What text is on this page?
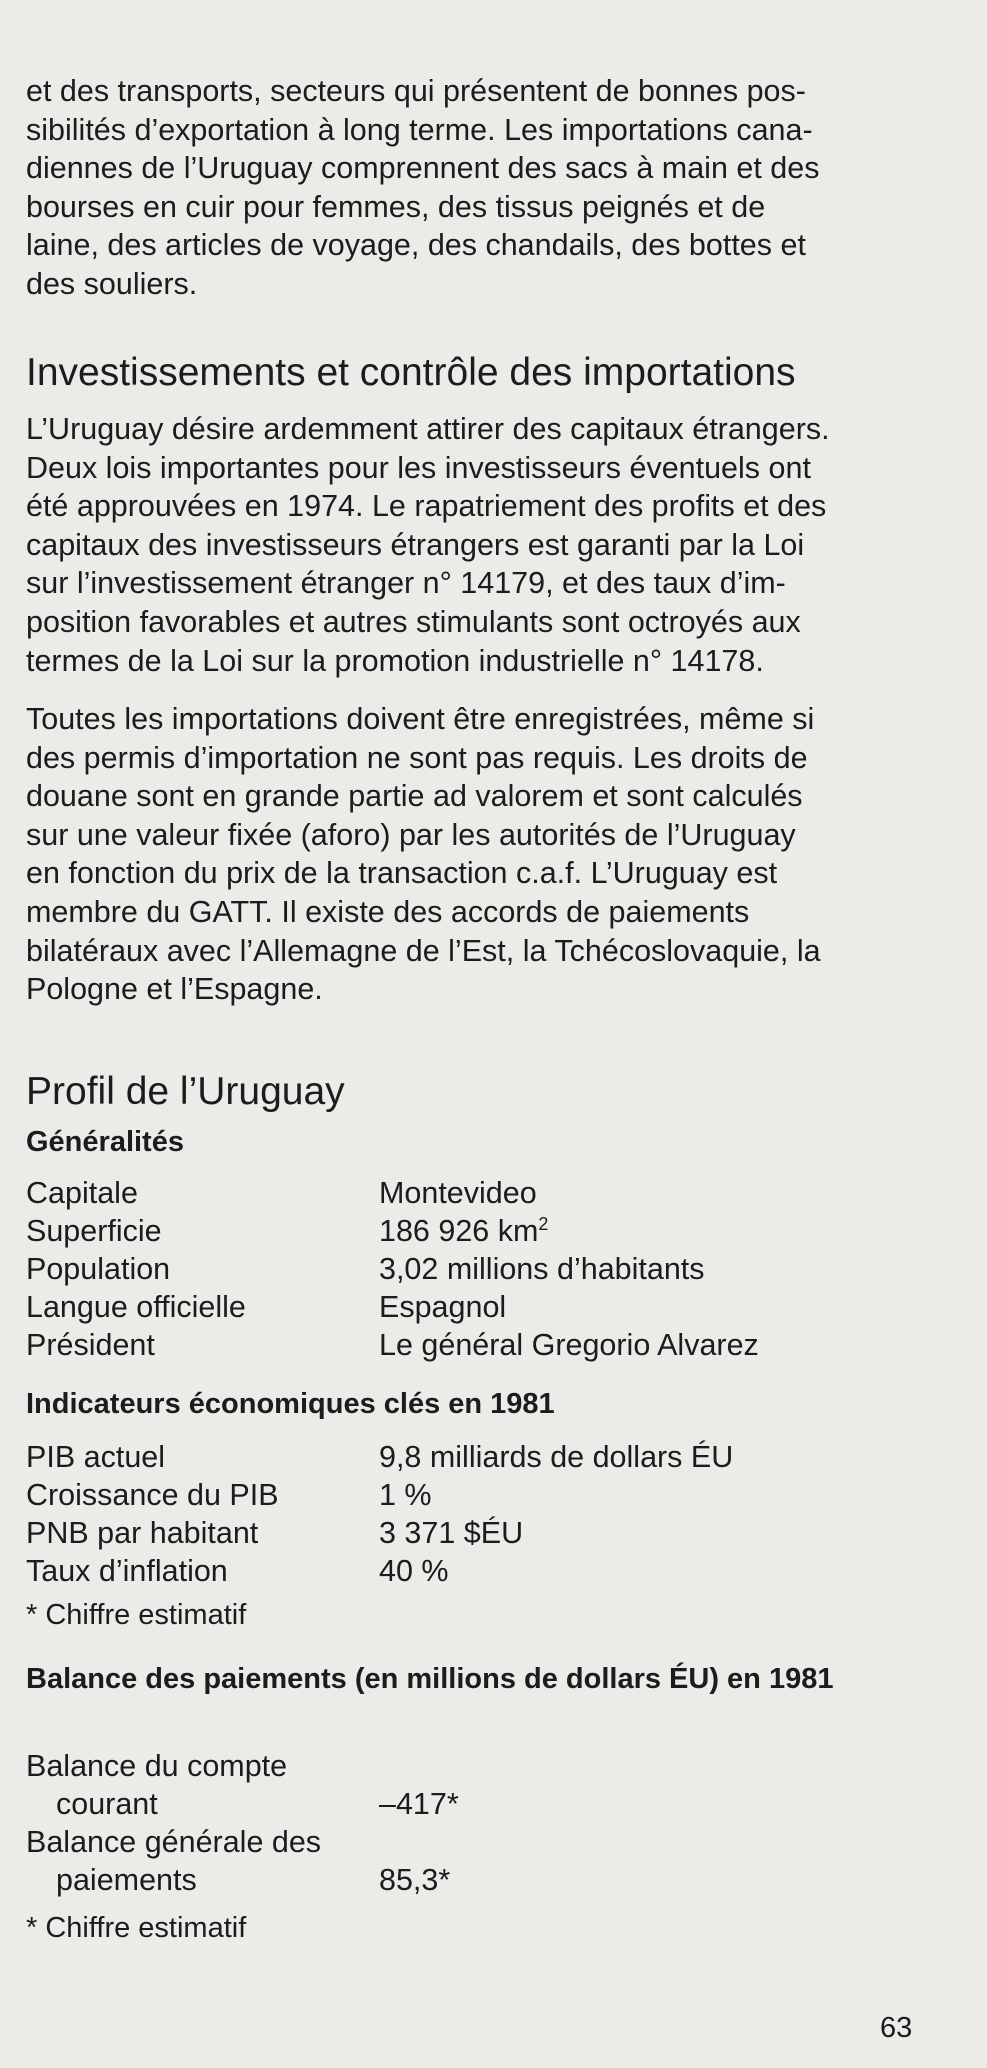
et des transports, secteurs qui présentent de bonnes pos-
sibilités d’exportation à long terme. Les importations cana-
diennes de l’Uruguay comprennent des sacs à main et des
bourses en cuir pour femmes, des tissus peignés et de
laine, des articles de voyage, des chandails, des bottes et
des souliers.

Investissements et contrôle des importations

L’Uruguay désire ardemment attirer des capitaux étrangers.
Deux lois importantes pour les investisseurs éventuels ont
été approuvées en 1974. Le rapatriement des profits et des
capitaux des investisseurs étrangers est garanti par la Loi
sur l’investissement étranger n° 14179, et des taux d’im-
position favorables et autres stimulants sont octroyés aux
termes de la Loi sur la promotion industrielle n° 14178.

Toutes les importations doivent être enregistrées, même si
des permis d’importation ne sont pas requis. Les droits de
douane sont en grande partie ad valorem et sont calculés
sur une valeur fixée (aforo) par les autorités de l’Uruguay
en fonction du prix de la transaction c.a.f. L’Uruguay est
membre du GATT. Il existe des accords de paiements
bilatéraux avec l’Allemagne de l’Est, la Tchécoslovaquie, la
Pologne et l’Espagne.

Profil de l’Uruguay
Généralités
Capitale	Montevideo
Superficie	186 926 $km^2$
Population	3,02 millions d’habitants
Langue officielle	Espagnol
Président	Le général Gregorio Alvarez
Indicateurs économiques clés en 1981
PIB actuel	9,8 milliards de dollars ÉU
Croissance du PIB	1 %
PNB par habitant	3 371 $ÉU
Taux d’inflation	40 %
* Chiffre estimatif
Balance des paiements (en millions de dollars ÉU) en 1981
Balance du compte
courant	–417*
Balance générale des
paiements	85,3*
* Chiffre estimatif
63
